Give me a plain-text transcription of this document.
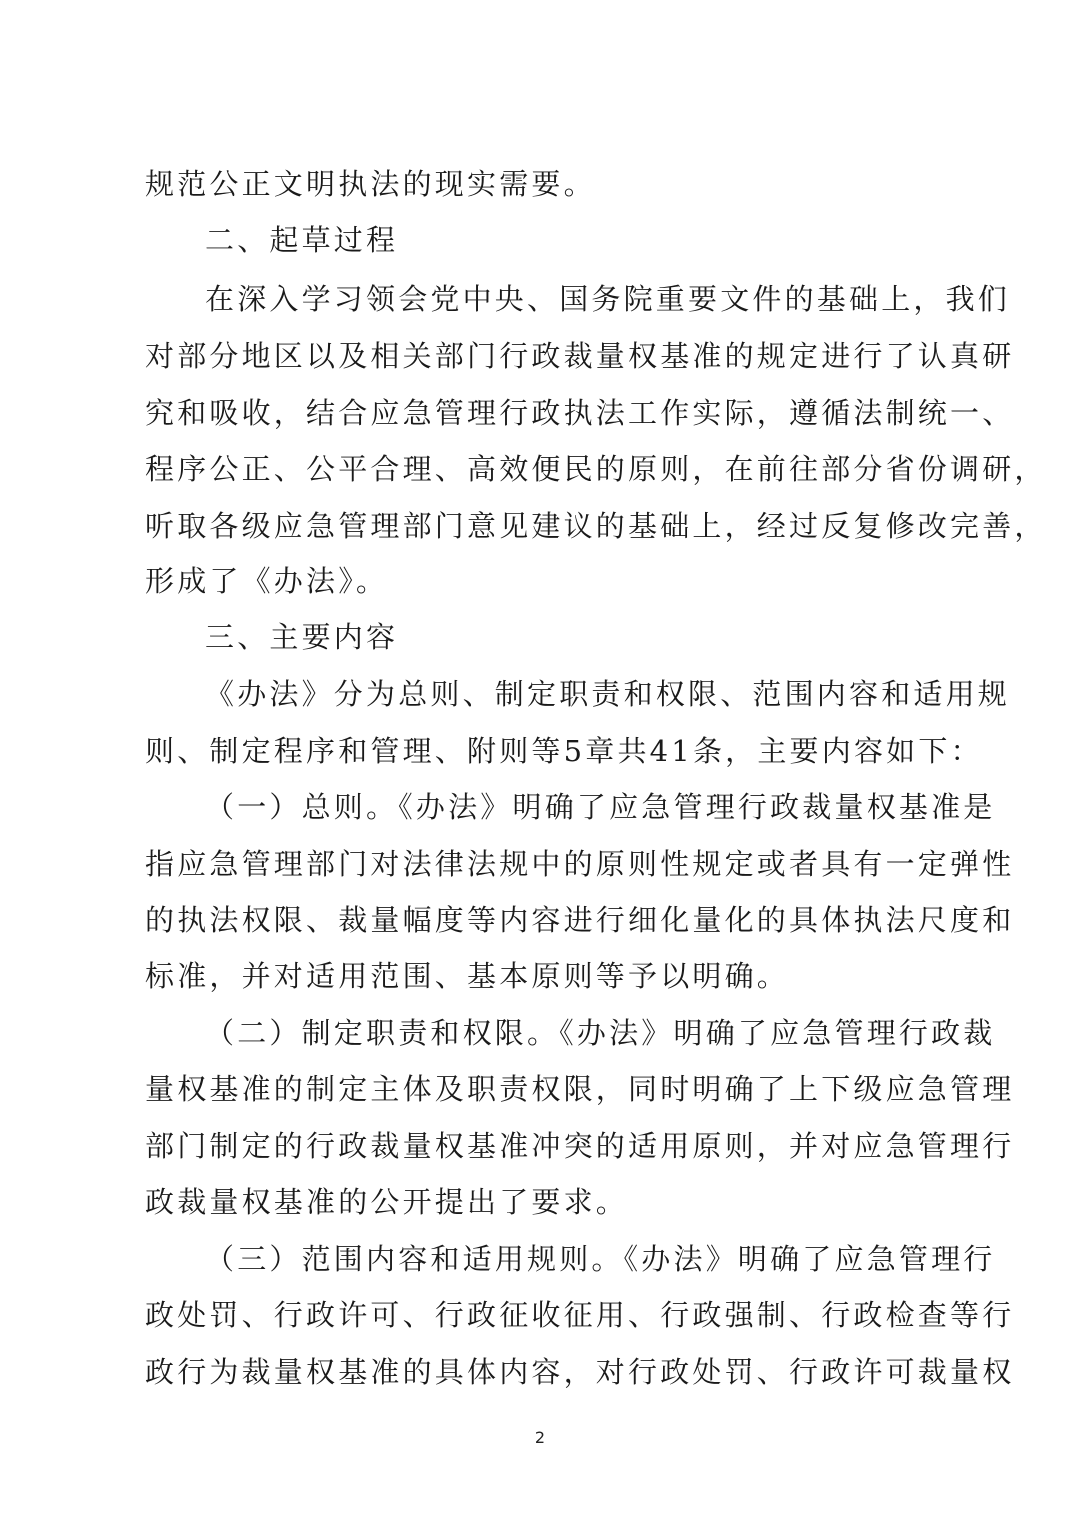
规范公正文明执法的现实需要。
二、起草过程
在深入学习领会党中央、国务院重要文件的基础上，我们
对部分地区以及相关部门行政裁量权基准的规定进行了认真研
究和吸收，结合应急管理行政执法工作实际，遵循法制统一、
程序公正、公平合理、高效便民的原则，在前往部分省份调研，
听取各级应急管理部门意见建议的基础上，经过反复修改完善，
形成了《办法》。
三、主要内容
《办法》分为总则、制定职责和权限、范围内容和适用规
则、制定程序和管理、附则等5章共41条，主要内容如下：
（一）总则。《办法》明确了应急管理行政裁量权基准是
指应急管理部门对法律法规中的原则性规定或者具有一定弹性
的执法权限、裁量幅度等内容进行细化量化的具体执法尺度和
标准，并对适用范围、基本原则等予以明确。
（二）制定职责和权限。《办法》明确了应急管理行政裁
量权基准的制定主体及职责权限，同时明确了上下级应急管理
部门制定的行政裁量权基准冲突的适用原则，并对应急管理行
政裁量权基准的公开提出了要求。
（三）范围内容和适用规则。《办法》明确了应急管理行
政处罚、行政许可、行政征收征用、行政强制、行政检查等行
政行为裁量权基准的具体内容，对行政处罚、行政许可裁量权
2
